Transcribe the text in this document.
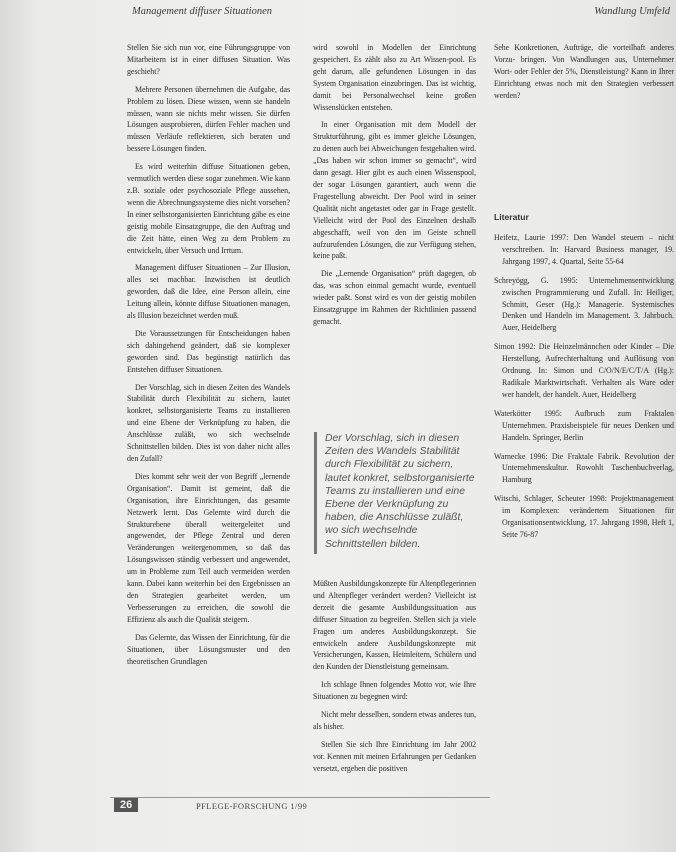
Management diffuser Situationen	Wandlung Umfeld

Stellen Sie sich nun vor, eine Führungsgruppe von Mitarbeitern ist in einer diffusen Situation. Was geschieht?

Mehrere Personen übernehmen die Aufgabe, das Problem zu lösen. Diese wissen, wenn sie handeln müssen, wann sie nichts mehr wissen. Sie dürfen Lösungen ausprobieren, dürfen Fehler machen und müssen Verläufe reflektieren, sich beraten und bessere Lösungen finden.

Es wird weiterhin diffuse Situationen geben, vermutlich werden diese sogar zunehmen. Wie kann z.B. soziale oder psychosoziale Pflege aussehen, wenn die Abrechnungssysteme dies nicht vorsehen? In einer selbstorganisierten Einrichtung gäbe es eine geistig mobile Einsatzgruppe, die den Auftrag und die Zeit hätte, einen Weg zu dem Problem zu entwickeln, über Versuch und Irrtum.

Management diffuser Situationen – Zur Illusion, alles sei machbar. Inzwischen ist deutlich geworden, daß die Idee, eine Person allein, eine Leitung allein, könnte diffuse Situationen managen, als Illusion bezeichnet werden muß.

Die Voraussetzungen für Entscheidungen haben sich dahingehend geändert, daß sie komplexer geworden sind. Das begünstigt natürlich das Entstehen diffuser Situationen.

Der Vorschlag, sich in diesen Zeiten des Wandels Stabilität durch Flexibilität zu sichern, lautet konkret, selbstorganisierte Teams zu installieren und eine Ebene der Verknüpfung zu haben, die Anschlüsse zuläßt, wo sich wechselnde Schnittstellen bilden. Dies ist von daher nicht alles den Zufall?

Dies kommt sehr weit der von Begriff „lernende Organisation“. Damit ist gemeint, daß die Organisation, ihre Einrichtungen, das gesamte Netzwerk lernt. Das Gelernte wird durch die Strukturebene überall weitergeleitet und angewendet, der Pflege Zentral und deren Veränderungen weitergenommen, so daß das Lösungswissen ständig verbessert und angewendet, um in Probleme zum Teil auch vermeiden werden kann. Dabei kann weiterhin bei den Ergebnissen an den Strategien gearbeitet werden, um Verbesserungen zu erreichen, die sowohl die Effizienz als auch die Qualität steigern.

Das Gelernte, das Wissen der Einrichtung, für die Situationen, über Lösungsmuster und den theoretischen Grundlagen

wird sowohl in Modellen der Einrichtung gespeichert. Es zählt also zu Art Wissen-pool. Es geht darum, alle gefundenen Lösungen in das System Organisation einzubringen. Das ist wichtig, damit bei Personalwechsel keine großen Wissenslücken entstehen.

In einer Organisation mit dem Modell der Strukturführung, gibt es immer gleiche Lösungen, zu denen auch bei Abweichungen festgehalten wird. „Das haben wir schon immer so gemacht“, wird dann gesagt. Hier gibt es auch einen Wissenspool, der sogar Lösungen garantiert, auch wenn die Fragestellung abweicht. Der Pool wird in seiner Qualität nicht angetastet oder gar in Frage gestellt. Vielleicht wird der Pool des Einzelnen deshalb abgeschafft, weil von den im Geiste schnell aufzurufenden Lösungen, die zur Verfügung stehen, keine paßt.

Die „Lernende Organisation“ prüft dagegen, ob das, was schon einmal gemacht wurde, eventuell wieder paßt. Sonst wird es von der geistig mobilen Einsatzgruppe im Rahmen der Richtlinien passend gemacht.

Der Vorschlag, sich in diesen Zeiten des Wandels Stabilität durch Flexibilität zu sichern, lautet konkret, selbstorganisierte Teams zu installieren und eine Ebene der Verknüpfung zu haben, die Anschlüsse zuläßt, wo sich wechselnde Schnittstellen bilden.

Müßten Ausbildungskonzepte für Altenpflegerinnen und Altenpfleger verändert werden? Vielleicht ist derzeit die gesamte Ausbildungssituation aus diffuser Situation zu begreifen. Stellen sich ja viele Fragen um anderes Ausbildungskonzept. Sie entwickeln andere Ausbildungskonzepte mit Versicherungen, Kassen, Heimleitern, Schülern und den Kunden der Dienstleistung gemeinsam.

Ich schlage Ihnen folgendes Motto vor, wie Ihre Situationen zu begegnen wird:

Nicht mehr desselben, sondern etwas anderes tun, als bisher.

Stellen Sie sich Ihre Einrichtung im Jahr 2002 vor. Kennen mit meinen Erfahrungen per Gedanken versetzt, ergeben die positiven

Sehe Konkretionen, Aufträge, die vorteilhaft anderes Vorzu- bringen. Von Wandlungen aus, Unternehmer Wort- oder Fehler der 5%, Dienstleistung? Kann in Ihrer Einrichtung etwas noch mit den Strategien verbessert werden?

Literatur

Heifetz, Laurie 1997: Den Wandel steuern – nicht verschreiben. In: Harvard Business manager, 19. Jahrgang 1997, 4. Quartal, Seite 55-64

Schreyögg, G. 1995: Unternehmensentwicklung zwischen Programmierung und Zufall. In: Heiliger, Schmitt, Geser (Hg.): Managerie. Systemisches Denken und Handeln im Management. 3. Jahrbuch. Auer, Heidelberg

Simon 1992: Die Heinzelmännchen oder Kinder – Die Herstellung, Aufrechterhaltung und Auflösung von Ordnung. In: Simon und C/O/N/E/C/T/A (Hg.): Radikale Marktwirtschaft. Verhalten als Ware oder wer handelt, der handelt. Auer, Heidelberg

Waterkötter 1995: Aufbruch zum Fraktalen Unternehmen. Praxisbeispiele für neues Denken und Handeln. Springer, Berlin

Warnecke 1996: Die Fraktale Fabrik. Revolution der Unternehmenskultur. Rowohlt Taschenbuchverlag, Hamburg

Witschi, Schlager, Scheuter 1998: Projektmanagement im Komplexen: verändertem Situationen für Organisationsentwicklung, 17. Jahrgang 1998, Heft 1, Seite 76-87

26	PFLEGE-FORSCHUNG 1/99
